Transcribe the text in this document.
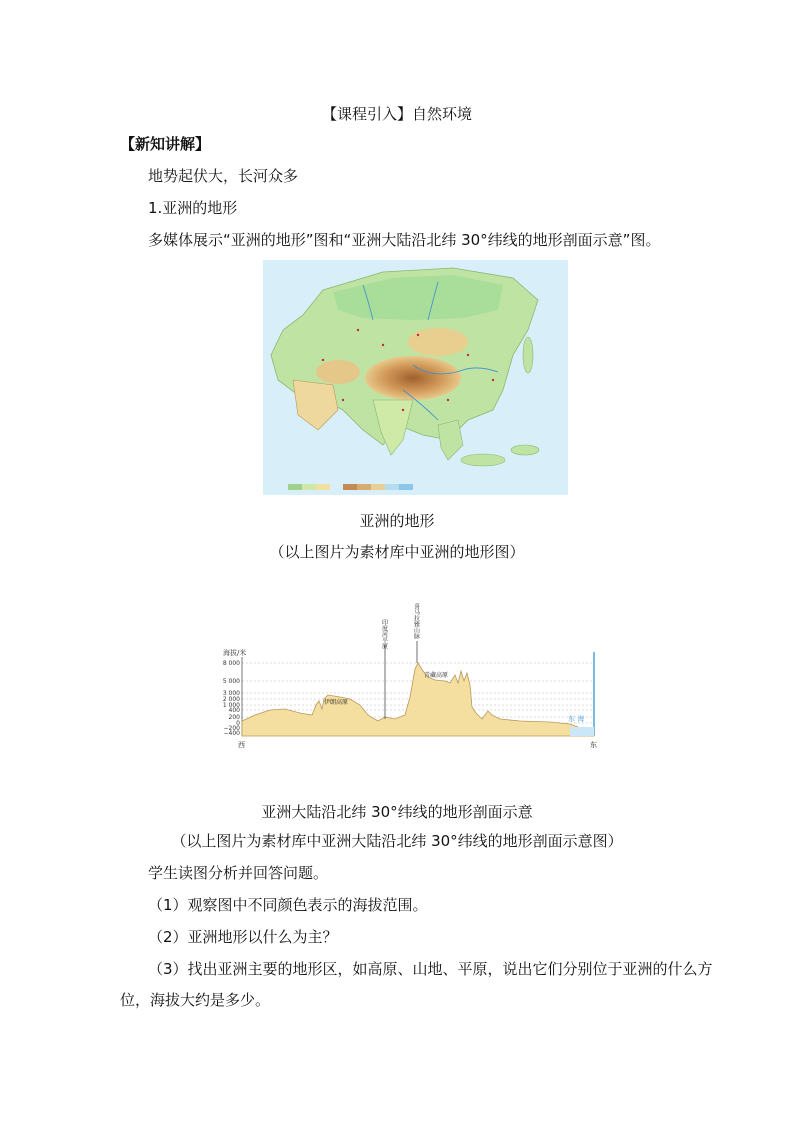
【课程引入】自然环境
【新知讲解】
地势起伏大，长河众多
1.亚洲的地形
多媒体展示“亚洲的地形”图和“亚洲大陆沿北纬 30°纬线的地形剖面示意”图。
亚洲的地形
（以上图片为素材库中亚洲的地形图）
海拔/米
8 000
5 000
3 000
2 000
1 000
400
200
0
−200
−400
印度河平原	喜马拉雅山脉
青藏高原
伊朗高原
东 海
西	东
亚洲大陆沿北纬 30°纬线的地形剖面示意
（以上图片为素材库中亚洲大陆沿北纬 30°纬线的地形剖面示意图）
学生读图分析并回答问题。
（1）观察图中不同颜色表示的海拔范围。
（2）亚洲地形以什么为主？
（3）找出亚洲主要的地形区，如高原、山地、平原，说出它们分别位于亚洲的什么方
位，海拔大约是多少。
